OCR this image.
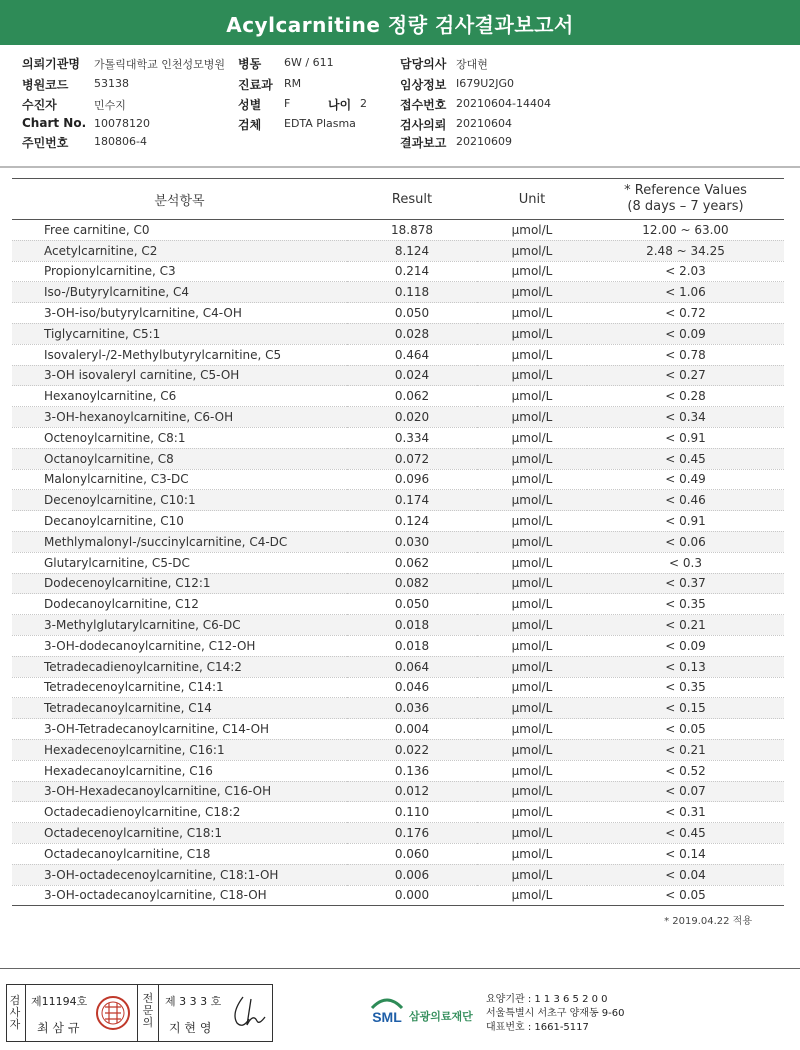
Acylcarnitine 정량 검사결과보고서
의뢰기관명 가톨릭대학교 인천성모병원 병동 6W / 611	담당의사 장대현
병원코드 53138	진료과 RM	임상정보 I679U2JG0
수진자	민수지	성별 F	나이 2	접수번호 20210604-14404
Chart No. 10078120	검체 EDTA Plasma	검사의뢰 20210604
주민번호 180806-4	결과보고 20210609
분석항목	Result	Unit	* Reference Values
(8 days – 7 years)

Free carnitine, C0	18.878	μmol/L	12.00 ~ 63.00
Acetylcarnitine, C2	8.124	μmol/L	2.48 ~ 34.25
Propionylcarnitine, C3	0.214	μmol/L	< 2.03
Iso-/Butyrylcarnitine, C4	0.118	μmol/L	< 1.06
3-OH-iso/butyrylcarnitine, C4-OH	0.050	μmol/L	< 0.72
Tiglycarnitine, C5:1	0.028	μmol/L	< 0.09
Isovaleryl-/2-Methylbutyrylcarnitine, C5	0.464	μmol/L	< 0.78
3-OH isovaleryl carnitine, C5-OH	0.024	μmol/L	< 0.27
Hexanoylcarnitine, C6	0.062	μmol/L	< 0.28
3-OH-hexanoylcarnitine, C6-OH	0.020	μmol/L	< 0.34
Octenoylcarnitine, C8:1	0.334	μmol/L	< 0.91
Octanoylcarnitine, C8	0.072	μmol/L	< 0.45
Malonylcarnitine, C3-DC	0.096	μmol/L	< 0.49
Decenoylcarnitine, C10:1	0.174	μmol/L	< 0.46
Decanoylcarnitine, C10	0.124	μmol/L	< 0.91
Methlymalonyl-/succinylcarnitine, C4-DC	0.030	μmol/L	< 0.06
Glutarylcarnitine, C5-DC	0.062	μmol/L	< 0.3
Dodecenoylcarnitine, C12:1	0.082	μmol/L	< 0.37
Dodecanoylcarnitine, C12	0.050	μmol/L	< 0.35
3-Methylglutarylcarnitine, C6-DC	0.018	μmol/L	< 0.21
3-OH-dodecanoylcarnitine, C12-OH	0.018	μmol/L	< 0.09
Tetradecadienoylcarnitine, C14:2	0.064	μmol/L	< 0.13
Tetradecenoylcarnitine, C14:1	0.046	μmol/L	< 0.35
Tetradecanoylcarnitine, C14	0.036	μmol/L	< 0.15
3-OH-Tetradecanoylcarnitine, C14-OH	0.004	μmol/L	< 0.05
Hexadecenoylcarnitine, C16:1	0.022	μmol/L	< 0.21
Hexadecanoylcarnitine, C16	0.136	μmol/L	< 0.52
3-OH-Hexadecanoylcarnitine, C16-OH	0.012	μmol/L	< 0.07
Octadecadienoylcarnitine, C18:2	0.110	μmol/L	< 0.31
Octadecenoylcarnitine, C18:1	0.176	μmol/L	< 0.45
Octadecanoylcarnitine, C18	0.060	μmol/L	< 0.14
3-OH-octadecenoylcarnitine, C18:1-OH	0.006	μmol/L	< 0.04
3-OH-octadecanoylcarnitine, C18-OH	0.000	μmol/L	< 0.05
* 2019.04.22 적용
검사자
제11194호
최 삼 규
전문의
제 3 3 3 호
지 현 영
SML 삼광의료재단
요양기관 : 1 1 3 6 5 2 0 0
서울특별시 서초구 양재동 9-60
대표번호 : 1661-5117
